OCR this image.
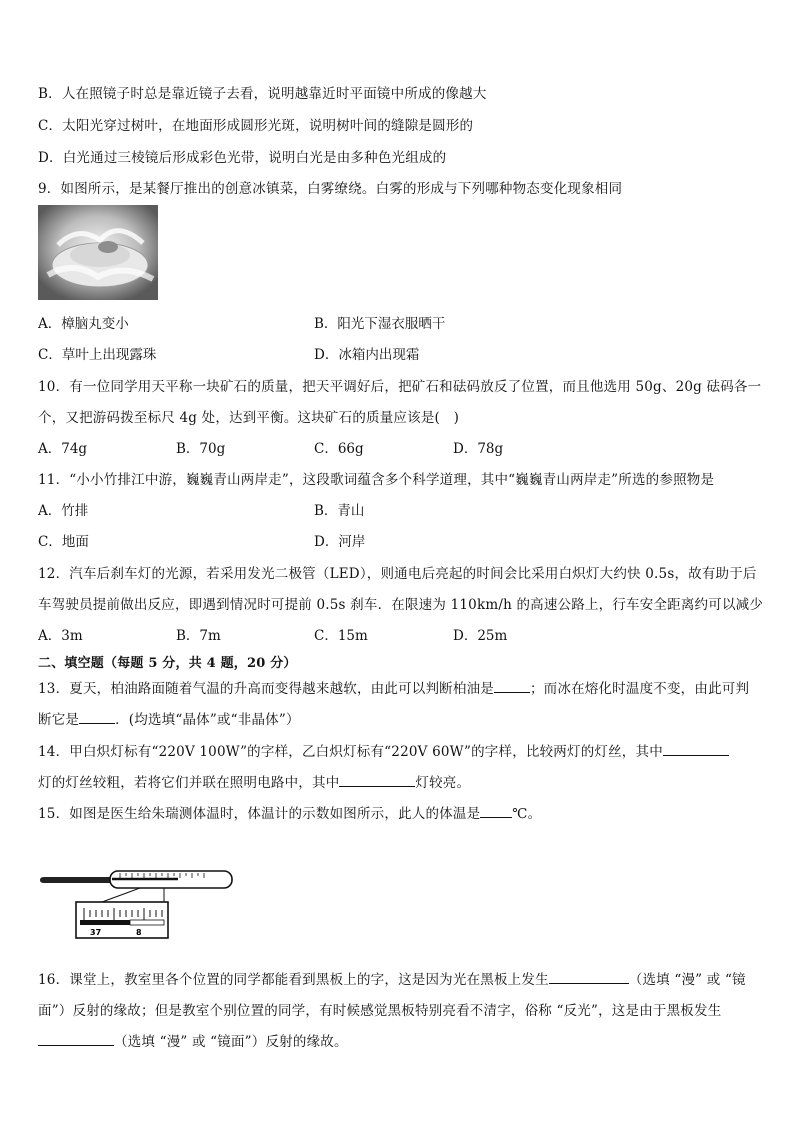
B．人在照镜子时总是靠近镜子去看，说明越靠近时平面镜中所成的像越大
C．太阳光穿过树叶，在地面形成圆形光斑，说明树叶间的缝隙是圆形的
D．白光通过三棱镜后形成彩色光带，说明白光是由多种色光组成的
9．如图所示，是某餐厅推出的创意冰镇菜，白雾缭绕。白雾的形成与下列哪种物态变化现象相同
A．樟脑丸变小	B．阳光下湿衣服晒干
C．草叶上出现露珠	D．冰箱内出现霜
10．有一位同学用天平称一块矿石的质量，把天平调好后，把矿石和砝码放反了位置，而且他选用 50g、20g 砝码各一
个，又把游码拨至标尺 4g 处，达到平衡。这块矿石的质量应该是(　)
A．74g	B．70g	C．66g	D．78g
11．“小小竹排江中游，巍巍青山两岸走”，这段歌词蕴含多个科学道理，其中“巍巍青山两岸走”所选的参照物是
A．竹排	B．青山
C．地面	D．河岸
12．汽车后刹车灯的光源，若采用发光二极管（LED），则通电后亮起的时间会比采用白炽灯大约快 0.5s，故有助于后
车驾驶员提前做出反应，即遇到情况时可提前 0.5s 刹车．在限速为 110km/h 的高速公路上，行车安全距离约可以减少
A．3m	B．7m	C．15m	D．25m
二、填空题（每题 5 分，共 4 题，20 分）
13．夏天，柏油路面随着气温的升高而变得越来越软，由此可以判断柏油是	；而冰在熔化时温度不变，由此可判
断它是	．(均选填“晶体”或“非晶体”）
14．甲白炽灯标有“220V 100W”的字样，乙白炽灯标有“220V 60W”的字样，比较两灯的灯丝，其中
灯的灯丝较粗，若将它们并联在照明电路中，其中	灯较亮。
15．如图是医生给朱瑞测体温时，体温计的示数如图所示，此人的体温是 ℃。
37	8
16．课堂上，教室里各个位置的同学都能看到黑板上的字，这是因为光在黑板上发生	（选填 “漫” 或 “镜
面”）反射的缘故；但是教室个别位置的同学，有时候感觉黑板特别亮看不清字，俗称 “反光”，这是由于黑板发生
（选填 “漫” 或 “镜面”）反射的缘故。
